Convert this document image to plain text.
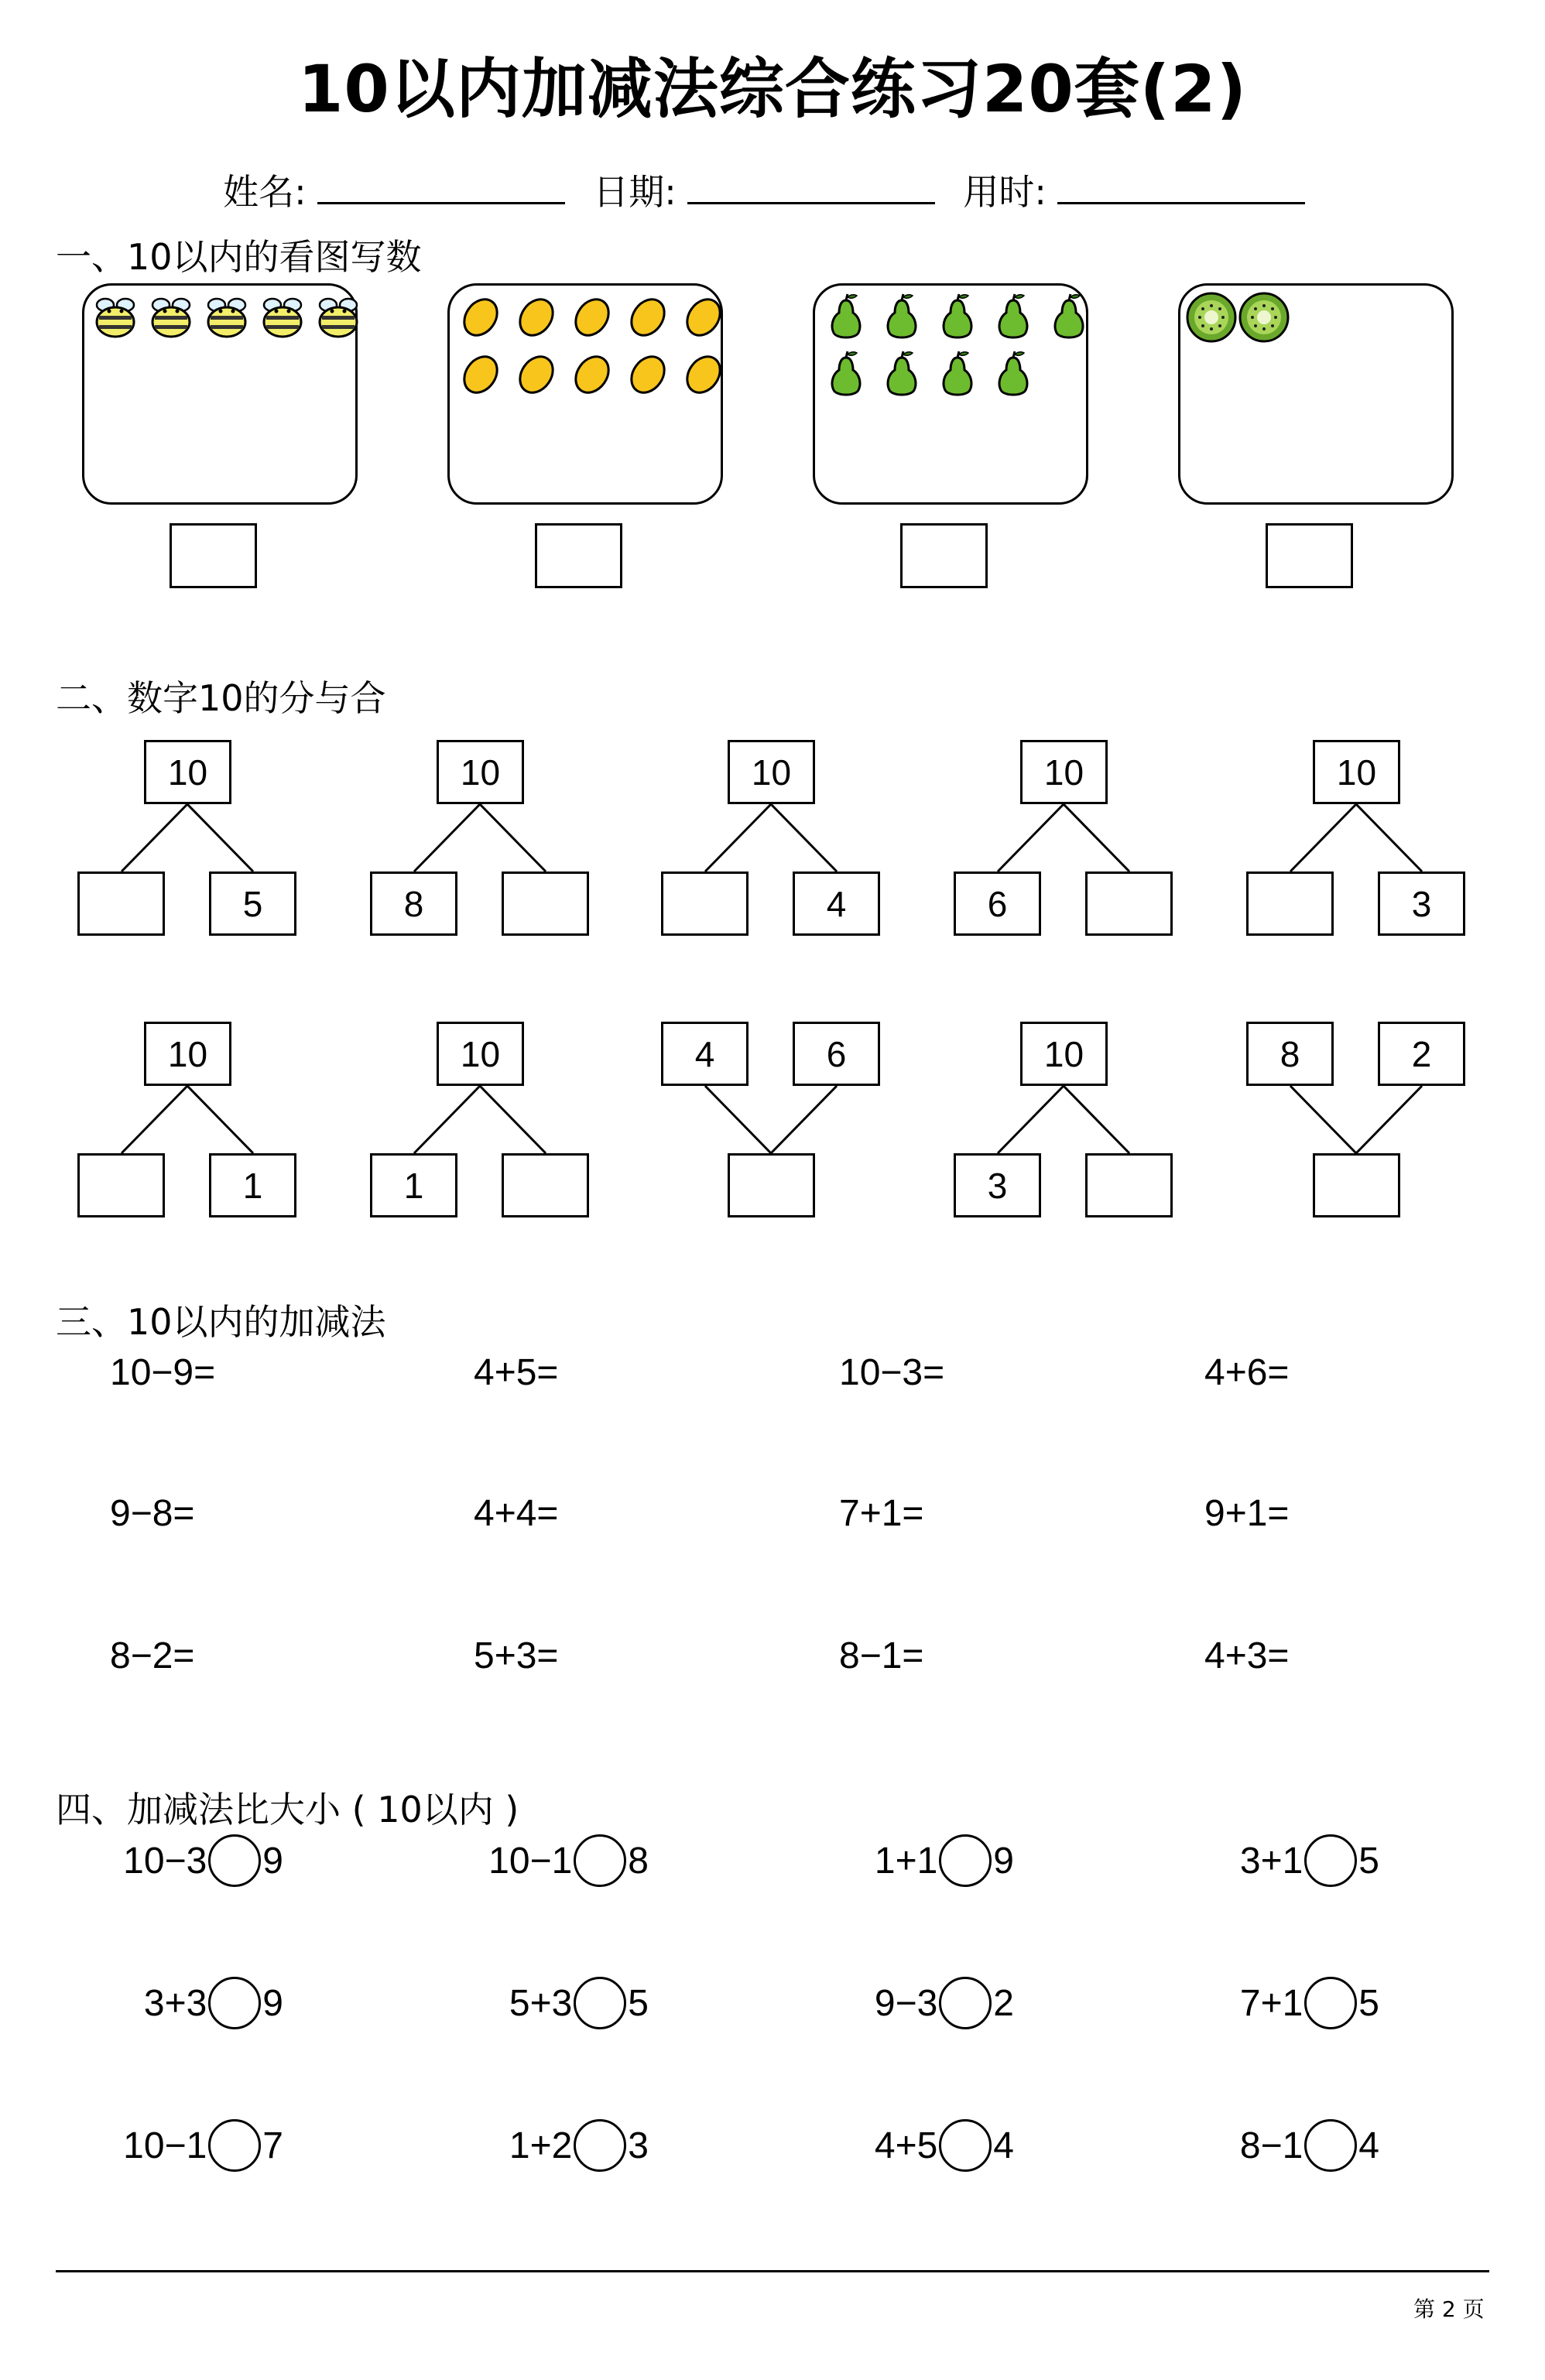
10以内加减法综合练习20套(2)
姓名:	日期:	用时:
一、10以内的看图写数
二、数字10的分与合
10
5
10
8
10
4
10
6
10
3
10
1
10
1
4	6	10
3
8	2
三、10以内的加减法
10−9=	4+5=	10−3=	4+6=
9−8=	4+4=	7+1=	9+1=
8−2=	5+3=	8−1=	4+3=
四、加减法比大小 ( 10以内 )
10−3 9	10−1 8	1+1 9	3+1 5
3+3 9	5+3 5	9−3 2	7+1 5
10−1 7	1+2 3	4+5 4	8−1 4
第 2 页
